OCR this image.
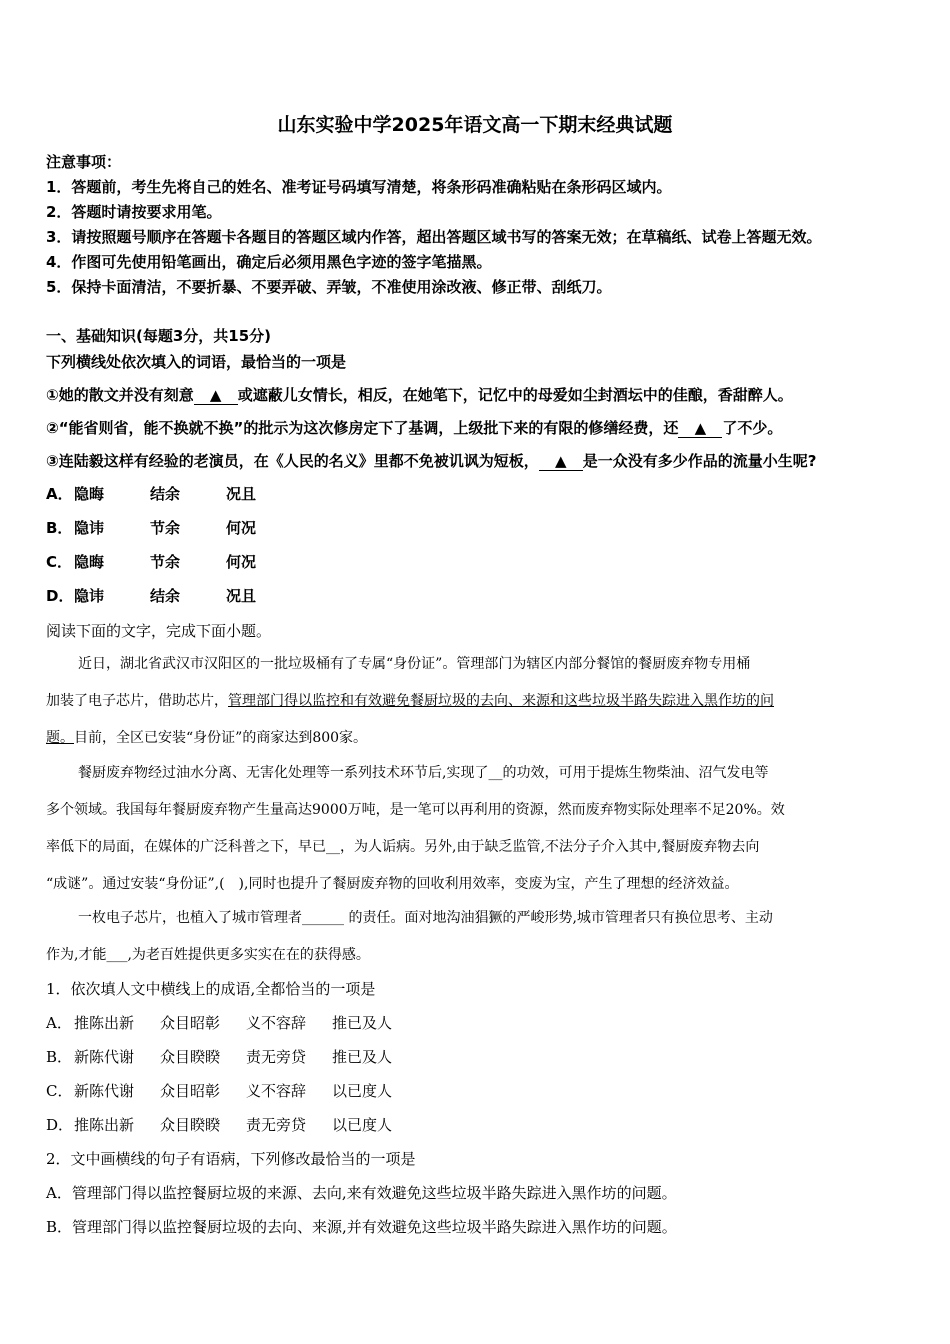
山东实验中学2025年语文高一下期末经典试题
注意事项：
1．答题前，考生先将自己的姓名、准考证号码填写清楚，将条形码准确粘贴在条形码区域内。
2．答题时请按要求用笔。
3．请按照题号顺序在答题卡各题目的答题区域内作答，超出答题区域书写的答案无效；在草稿纸、试卷上答题无效。
4．作图可先使用铅笔画出，确定后必须用黑色字迹的签字笔描黑。
5．保持卡面清洁，不要折暴、不要弄破、弄皱，不准使用涂改液、修正带、刮纸刀。
一、基础知识(每题3分，共15分)
下列横线处依次填入的词语，最恰当的一项是
①她的散文并没有刻意 ▲ 或遮蔽儿女情长，相反，在她笔下，记忆中的母爱如尘封酒坛中的佳酿，香甜醉人。
②“能省则省，能不换就不换”的批示为这次修房定下了基调，上级批下来的有限的修缮经费，还 ▲ 了不少。
③连陆毅这样有经验的老演员，在《人民的名义》里都不免被讥讽为短板， ▲ 是一众没有多少作品的流量小生呢?
A．隐晦	结余	况且
B． 隐讳	节余	何况
C． 隐晦	节余	何况
D．隐讳	结余	况且
阅读下面的文字，完成下面小题。
近日，湖北省武汉市汉阳区的一批垃圾桶有了专属“身份证”。管理部门为辖区内部分餐馆的餐厨废弃物专用桶
加装了电子芯片，借助芯片，管理部门得以监控和有效避免餐厨垃圾的去向、来源和这些垃圾半路失踪进入黑作坊的问
题。目前，全区已安装“身份证”的商家达到800家。
餐厨废弃物经过油水分离、无害化处理等一系列技术环节后,实现了__的功效，可用于提炼生物柴油、沼气发电等
多个领域。我国每年餐厨废弃物产生量高达9000万吨，是一笔可以再利用的资源，然而废弃物实际处理率不足20%。效
率低下的局面，在媒体的广泛科普之下，早已__，为人诟病。另外,由于缺乏监管,不法分子介入其中,餐厨废弃物去向
“成谜”。通过安装“身份证”,(　),同时也提升了餐厨废弃物的回收利用效率，变废为宝，产生了理想的经济效益。
一枚电子芯片，也植入了城市管理者______ 的责任。面对地沟油猖獗的严峻形势,城市管理者只有换位思考、主动
作为,才能___,为老百姓提供更多实实在在的获得感。
1．依次填人文中横线上的成语,全都恰当的一项是
A． 推陈出新 众目昭彰 义不容辞 推已及人
B． 新陈代谢 众目睽睽 责无旁贷 推已及人
C． 新陈代谢 众目昭彰 义不容辞 以已度人
D．推陈出新 众目睽睽 责无旁贷 以已度人
2．文中画横线的句子有语病，下列修改最恰当的一项是
A．管理部门得以监控餐厨垃圾的来源、去向,来有效避免这些垃圾半路失踪进入黑作坊的问题。
B．管理部门得以监控餐厨垃圾的去向、来源,并有效避免这些垃圾半路失踪进入黑作坊的问题。
